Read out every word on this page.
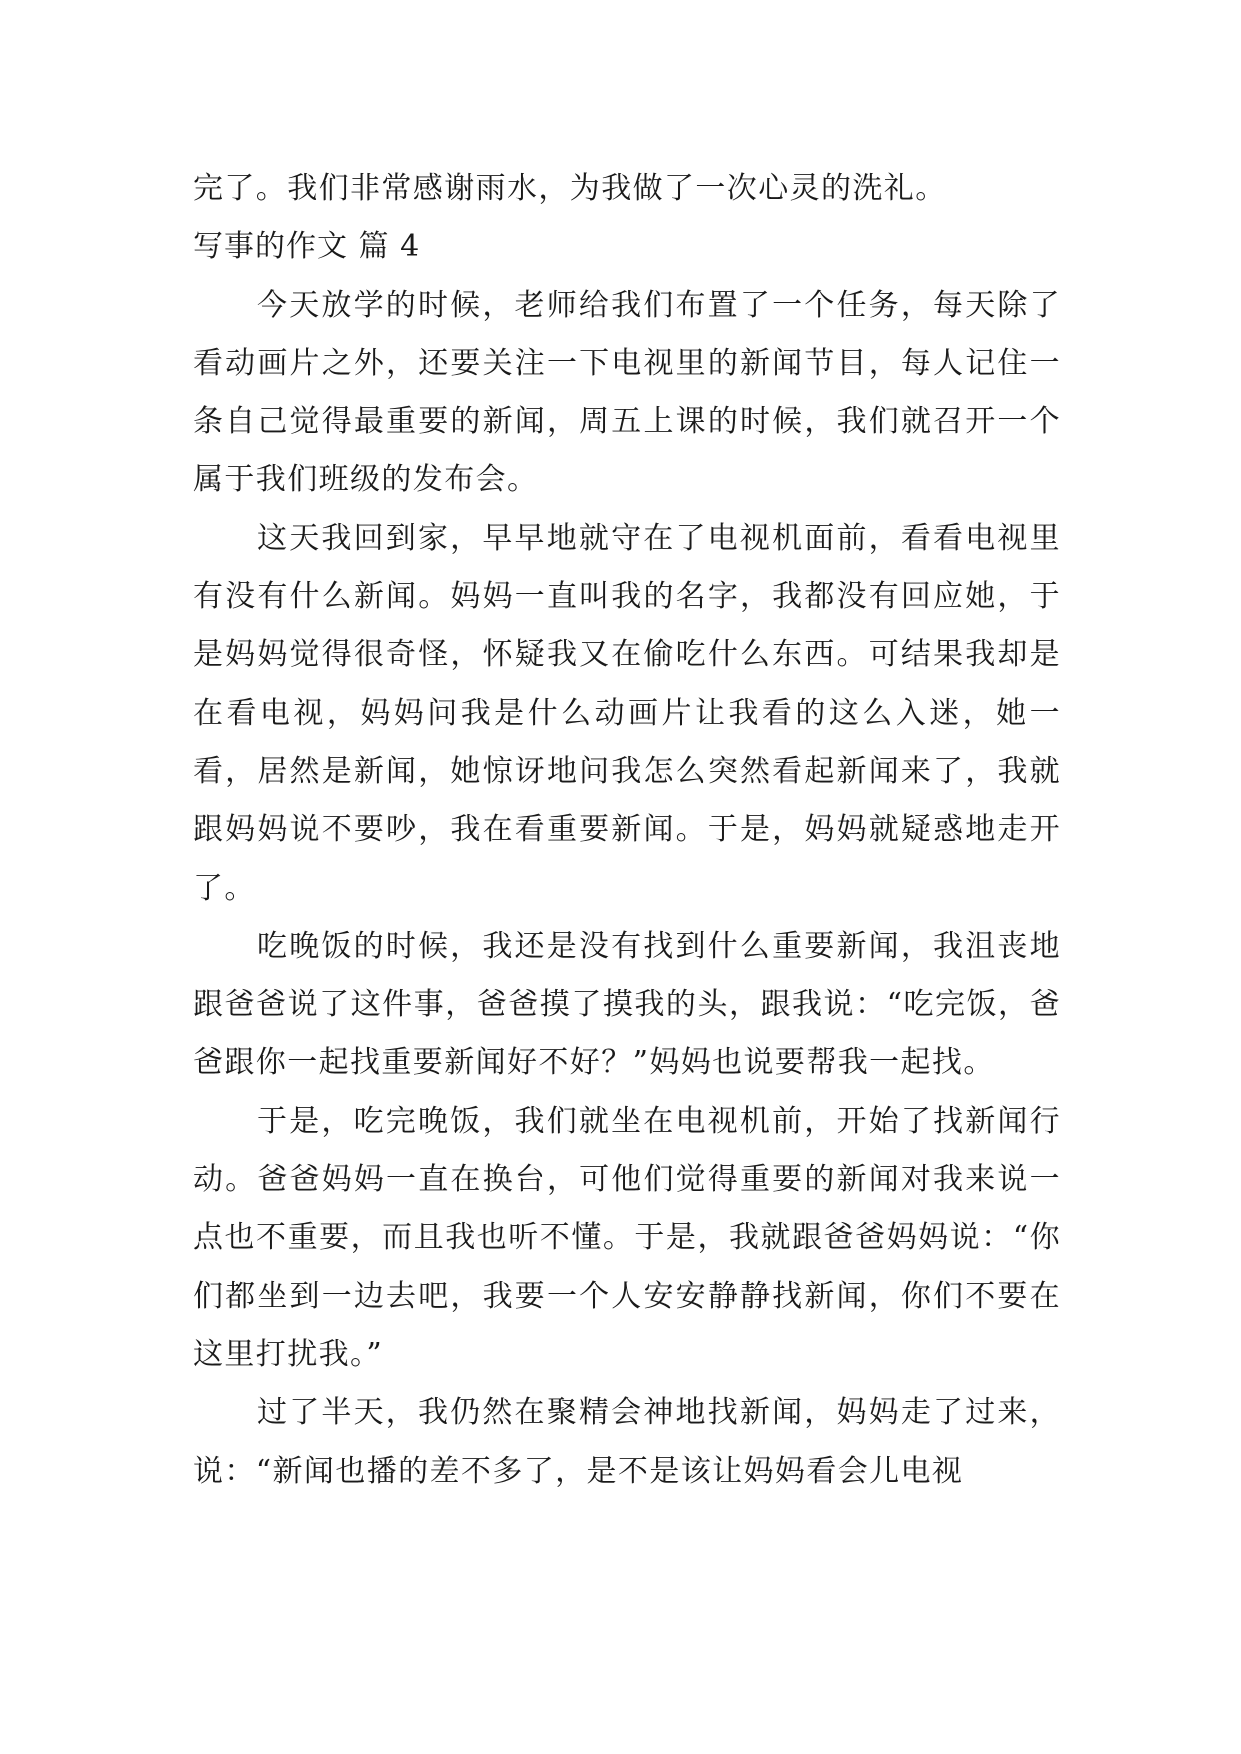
完了。我们非常感谢雨水，为我做了一次心灵的洗礼。

写事的作文 篇 4

今天放学的时候，老师给我们布置了一个任务，每天除了看动画片之外，还要关注一下电视里的新闻节目，每人记住一条自己觉得最重要的新闻，周五上课的时候，我们就召开一个属于我们班级的发布会。

这天我回到家，早早地就守在了电视机面前，看看电视里有没有什么新闻。妈妈一直叫我的名字，我都没有回应她，于是妈妈觉得很奇怪，怀疑我又在偷吃什么东西。可结果我却是在看电视，妈妈问我是什么动画片让我看的这么入迷，她一看，居然是新闻，她惊讶地问我怎么突然看起新闻来了，我就跟妈妈说不要吵，我在看重要新闻。于是，妈妈就疑惑地走开了。

吃晚饭的时候，我还是没有找到什么重要新闻，我沮丧地跟爸爸说了这件事，爸爸摸了摸我的头，跟我说：“吃完饭，爸爸跟你一起找重要新闻好不好？”妈妈也说要帮我一起找。

于是，吃完晚饭，我们就坐在电视机前，开始了找新闻行动。爸爸妈妈一直在换台，可他们觉得重要的新闻对我来说一点也不重要，而且我也听不懂。于是，我就跟爸爸妈妈说：“你们都坐到一边去吧，我要一个人安安静静找新闻，你们不要在这里打扰我。”

过了半天，我仍然在聚精会神地找新闻，妈妈走了过来，说：“新闻也播的差不多了，是不是该让妈妈看会儿电视
